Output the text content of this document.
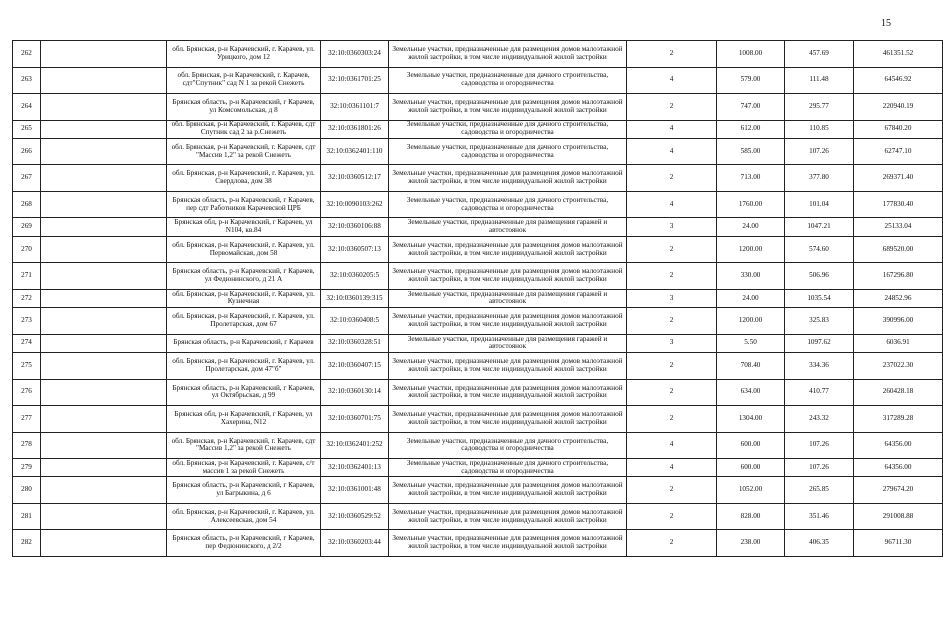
15
262		обл. Брянская, р-н Карачевский, г. Карачев, ул. Урицкого, дом 12	32:10:0360303:24	Земельные участки, предназначенные для размещения домов малоэтажной жилой застройки, в том числе индивидуальной жилой застройки	2	1008.00	457.69	461351.52
263		обл. Брянская, р-н Карачевский, г. Карачев, сдт"Спутник" сад N 1 за рекой Снежеть	32:10:0361701:25	Земельные участки, предназначенные для дачного строительства, садоводства и огородничества	4	579.00	111.48	64546.92
264		Брянская область, р-н Карачевский, г Карачев, ул Комсомольская, д 8	32:10:0361101:7	Земельные участки, предназначенные для размещения домов малоэтажной жилой застройки, в том числе индивидуальной жилой застройки	2	747.00	295.77	220940.19
265		обл. Брянская, р-н Карачевский, г. Карачев, сдт Спутник сад 2 за р.Снежеть	32:10:0361801:26	Земельные участки, предназначенные для дачного строительства, садоводства и огородничества	4	612.00	110.85	67840.20
266		обл. Брянская, р-н Карачевский, г. Карачев, сдт "Массив 1,2" за рекой Снежеть	32:10:0362401:110	Земельные участки, предназначенные для дачного строительства, садоводства и огородничества	4	585.00	107.26	62747.10
267		обл. Брянская, р-н Карачевский, г. Карачев, ул. Свердлова, дом 38	32:10:0360512:17	Земельные участки, предназначенные для размещения домов малоэтажной жилой застройки, в том числе индивидуальной жилой застройки	2	713.00	377.80	269371.40
268		Брянская область, р-н Карачевский, г Карачев, пер сдт Работников Карачевской ЦРБ	32:10:0090103:262	Земельные участки, предназначенные для дачного строительства, садоводства и огородничества	4	1760.00	101.04	177830.40
269		Брянская обл, р-н Карачевский, г Карачев, ул N104, кв.84	32:10:0360106:88	Земельные участки, предназначенные для размещения гаражей и автостоянок	3	24.00	1047.21	25133.04
270		обл. Брянская, р-н Карачевский, г. Карачев, ул. Первомайская, дом 58	32:10:0360507:13	Земельные участки, предназначенные для размещения домов малоэтажной жилой застройки, в том числе индивидуальной жилой застройки	2	1200.00	574.60	689520.00
271		Брянская область, р-н Карачевский, г Карачев, ул Федюнинского, д 21 А	32:10:0360205:5	Земельные участки, предназначенные для размещения домов малоэтажной жилой застройки, в том числе индивидуальной жилой застройки	2	330.00	506.96	167296.80
272		обл. Брянская, р-н Карачевский, г. Карачев, ул. Кузнечная	32:10:0360139:315	Земельные участки, предназначенные для размещения гаражей и автостоянок	3	24.00	1035.54	24852.96
273		обл. Брянская, р-н Карачевский, г. Карачев, ул. Пролетарская, дом 67	32:10:0360408:5	Земельные участки, предназначенные для размещения домов малоэтажной жилой застройки, в том числе индивидуальной жилой застройки	2	1200.00	325.83	390996.00
274		Брянская область, р-н Карачевский, г Карачев	32:10:0360328:51	Земельные участки, предназначенные для размещения гаражей и автостоянок	3	5.50	1097.62	6036.91
275		обл. Брянская, р-н Карачевский, г. Карачев, ул. Пролетарская, дом 47"б"	32:10:0360407:15	Земельные участки, предназначенные для размещения домов малоэтажной жилой застройки, в том числе индивидуальной жилой застройки	2	708.40	334.36	237022.30
276		Брянская область, р-н Карачевский, г Карачев, ул Октябрьская, д 99	32:10:0360130:14	Земельные участки, предназначенные для размещения домов малоэтажной жилой застройки, в том числе индивидуальной жилой застройки	2	634.00	410.77	260428.18
277		Брянская обл, р-н Карачевский, г Карачев, ул Хахерина, N12	32:10:0360701:75	Земельные участки, предназначенные для размещения домов малоэтажной жилой застройки, в том числе индивидуальной жилой застройки	2	1304.00	243.32	317289.28
278		обл. Брянская, р-н Карачевский, г. Карачев, сдт "Массив 1,2" за рекой Снежеть	32:10:0362401:252	Земельные участки, предназначенные для дачного строительства, садоводства и огородничества	4	600.00	107.26	64356.00
279		обл. Брянская, р-н Карачевский, г. Карачев, с/т массив 1 за рекой Снежеть	32:10:0362401:13	Земельные участки, предназначенные для дачного строительства, садоводства и огородничества	4	600.00	107.26	64356.00
280		Брянская область, р-н Карачевский, г Карачев, ул Багрыкина, д 6	32:10:0361001:48	Земельные участки, предназначенные для размещения домов малоэтажной жилой застройки, в том числе индивидуальной жилой застройки	2	1052.00	265.85	279674.20
281		обл. Брянская, р-н Карачевский, г. Карачев, ул. Алексеевская, дом 54	32:10:0360529:52	Земельные участки, предназначенные для размещения домов малоэтажной жилой застройки, в том числе индивидуальной жилой застройки	2	828.00	351.46	291008.88
282		Брянская область, р-н Карачевский, г Карачев, пер Федюнинского, д 2/2	32:10:0360203:44	Земельные участки, предназначенные для размещения домов малоэтажной жилой застройки, в том числе индивидуальной жилой застройки	2	238.00	406.35	96711.30
